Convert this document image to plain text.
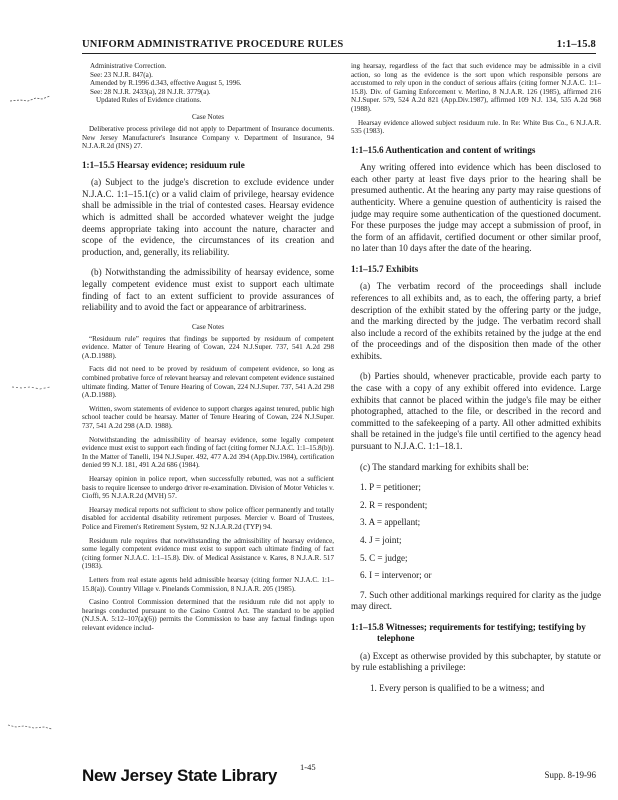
UNIFORM ADMINISTRATIVE PROCEDURE RULES	1:1–15.8

Administrative Correction.

See: 23 N.J.R. 847(a).

Amended by R.1996 d.343, effective August 5, 1996.

See: 28 N.J.R. 2433(a), 28 N.J.R. 3779(a).

Updated Rules of Evidence citations.

Case Notes

Deliberative process privilege did not apply to Department of Insurance documents. New Jersey Manufacturer's Insurance Company v. Department of Insurance, 94 N.J.A.R.2d (INS) 27.

1:1–15.5 Hearsay evidence; residuum rule

(a) Subject to the judge's discretion to exclude evidence under N.J.A.C. 1:1–15.1(c) or a valid claim of privilege, hearsay evidence shall be admissible in the trial of contested cases. Hearsay evidence which is admitted shall be accorded whatever weight the judge deems appropriate taking into account the nature, character and scope of the evidence, the circumstances of its creation and production, and, generally, its reliability.

(b) Notwithstanding the admissibility of hearsay evidence, some legally competent evidence must exist to support each ultimate finding of fact to an extent sufficient to provide assurances of reliability and to avoid the fact or appearance of arbitrariness.

Case Notes

“Residuum rule” requires that findings be supported by residuum of competent evidence. Matter of Tenure Hearing of Cowan, 224 N.J.Super. 737, 541 A.2d 298 (A.D.1988).

Facts did not need to be proved by residuum of competent evidence, so long as combined probative force of relevant hearsay and relevant competent evidence sustained ultimate finding. Matter of Tenure Hearing of Cowan, 224 N.J.Super. 737, 541 A.2d 298 (A.D.1988).

Written, sworn statements of evidence to support charges against tenured, public high school teacher could be hearsay. Matter of Tenure Hearing of Cowan, 224 N.J.Super. 737, 541 A.2d 298 (A.D. 1988).

Notwithstanding the admissibility of hearsay evidence, some legally competent evidence must exist to support each finding of fact (citing former N.J.A.C. 1:1–15.8(b)). In the Matter of Tanelli, 194 N.J.Super. 492, 477 A.2d 394 (App.Div.1984), certification denied 99 N.J. 181, 491 A.2d 686 (1984).

Hearsay opinion in police report, when successfully rebutted, was not a sufficient basis to require licensee to undergo driver re-examination. Division of Motor Vehicles v. Cioffi, 95 N.J.A.R.2d (MVH) 57.

Hearsay medical reports not sufficient to show police officer permanently and totally disabled for accidental disability retirement purposes. Mercier v. Board of Trustees, Police and Firemen's Retirement System, 92 N.J.A.R.2d (TYP) 94.

Residuum rule requires that notwithstanding the admissibility of hearsay evidence, some legally competent evidence must exist to support each ultimate finding of fact (citing former N.J.A.C. 1:1–15.8). Div. of Medical Assistance v. Kares, 8 N.J.A.R. 517 (1983).

Letters from real estate agents held admissible hearsay (citing former N.J.A.C. 1:1–15.8(a)). Country Village v. Pinelands Commission, 8 N.J.A.R. 205 (1985).

Casino Control Commission determined that the residuum rule did not apply to hearings conducted pursuant to the Casino Control Act. The standard to be applied (N.J.S.A. 5:12–107(a)(6)) permits the Commission to base any factual findings upon relevant evidence includ-

ing hearsay, regardless of the fact that such evidence may be admissible in a civil action, so long as the evidence is the sort upon which responsible persons are accustomed to rely upon in the conduct of serious affairs (citing former N.J.A.C. 1:1–15.8). Div. of Gaming Enforcement v. Merlino, 8 N.J.A.R. 126 (1985), affirmed 216 N.J.Super. 579, 524 A.2d 821 (App.Div.1987), affirmed 109 N.J. 134, 535 A.2d 968 (1988).

Hearsay evidence allowed subject residuum rule. In Re: White Bus Co., 6 N.J.A.R. 535 (1983).

1:1–15.6 Authentication and content of writings

Any writing offered into evidence which has been disclosed to each other party at least five days prior to the hearing shall be presumed authentic. At the hearing any party may raise questions of authenticity. Where a genuine question of authenticity is raised the judge may require some authentication of the questioned document. For these purposes the judge may accept a submission of proof, in the form of an affidavit, certified document or other similar proof, no later than 10 days after the date of the hearing.

1:1–15.7 Exhibits

(a) The verbatim record of the proceedings shall include references to all exhibits and, as to each, the offering party, a brief description of the exhibit stated by the offering party or the judge, and the marking directed by the judge. The verbatim record shall also include a record of the exhibits retained by the judge at the end of the proceedings and of the disposition then made of the other exhibits.

(b) Parties should, whenever practicable, provide each party to the case with a copy of any exhibit offered into evidence. Large exhibits that cannot be placed within the judge's file may be either photographed, attached to the file, or described in the record and committed to the safekeeping of a party. All other admitted exhibits shall be retained in the judge's file until certified to the agency head pursuant to N.J.A.C. 1:1–18.1.

(c) The standard marking for exhibits shall be:

1. P = petitioner;
2. R = respondent;
3. A = appellant;
4. J = joint;
5. C = judge;
6. I = intervenor; or

7. Such other additional markings required for clarity as the judge may direct.

1:1–15.8 Witnesses; requirements for testifying; testifying by telephone

(a) Except as otherwise provided by this subchapter, by statute or by rule establishing a privilege:

1. Every person is qualified to be a witness; and

New Jersey State Library	1-45
Supp. 8-19-96
